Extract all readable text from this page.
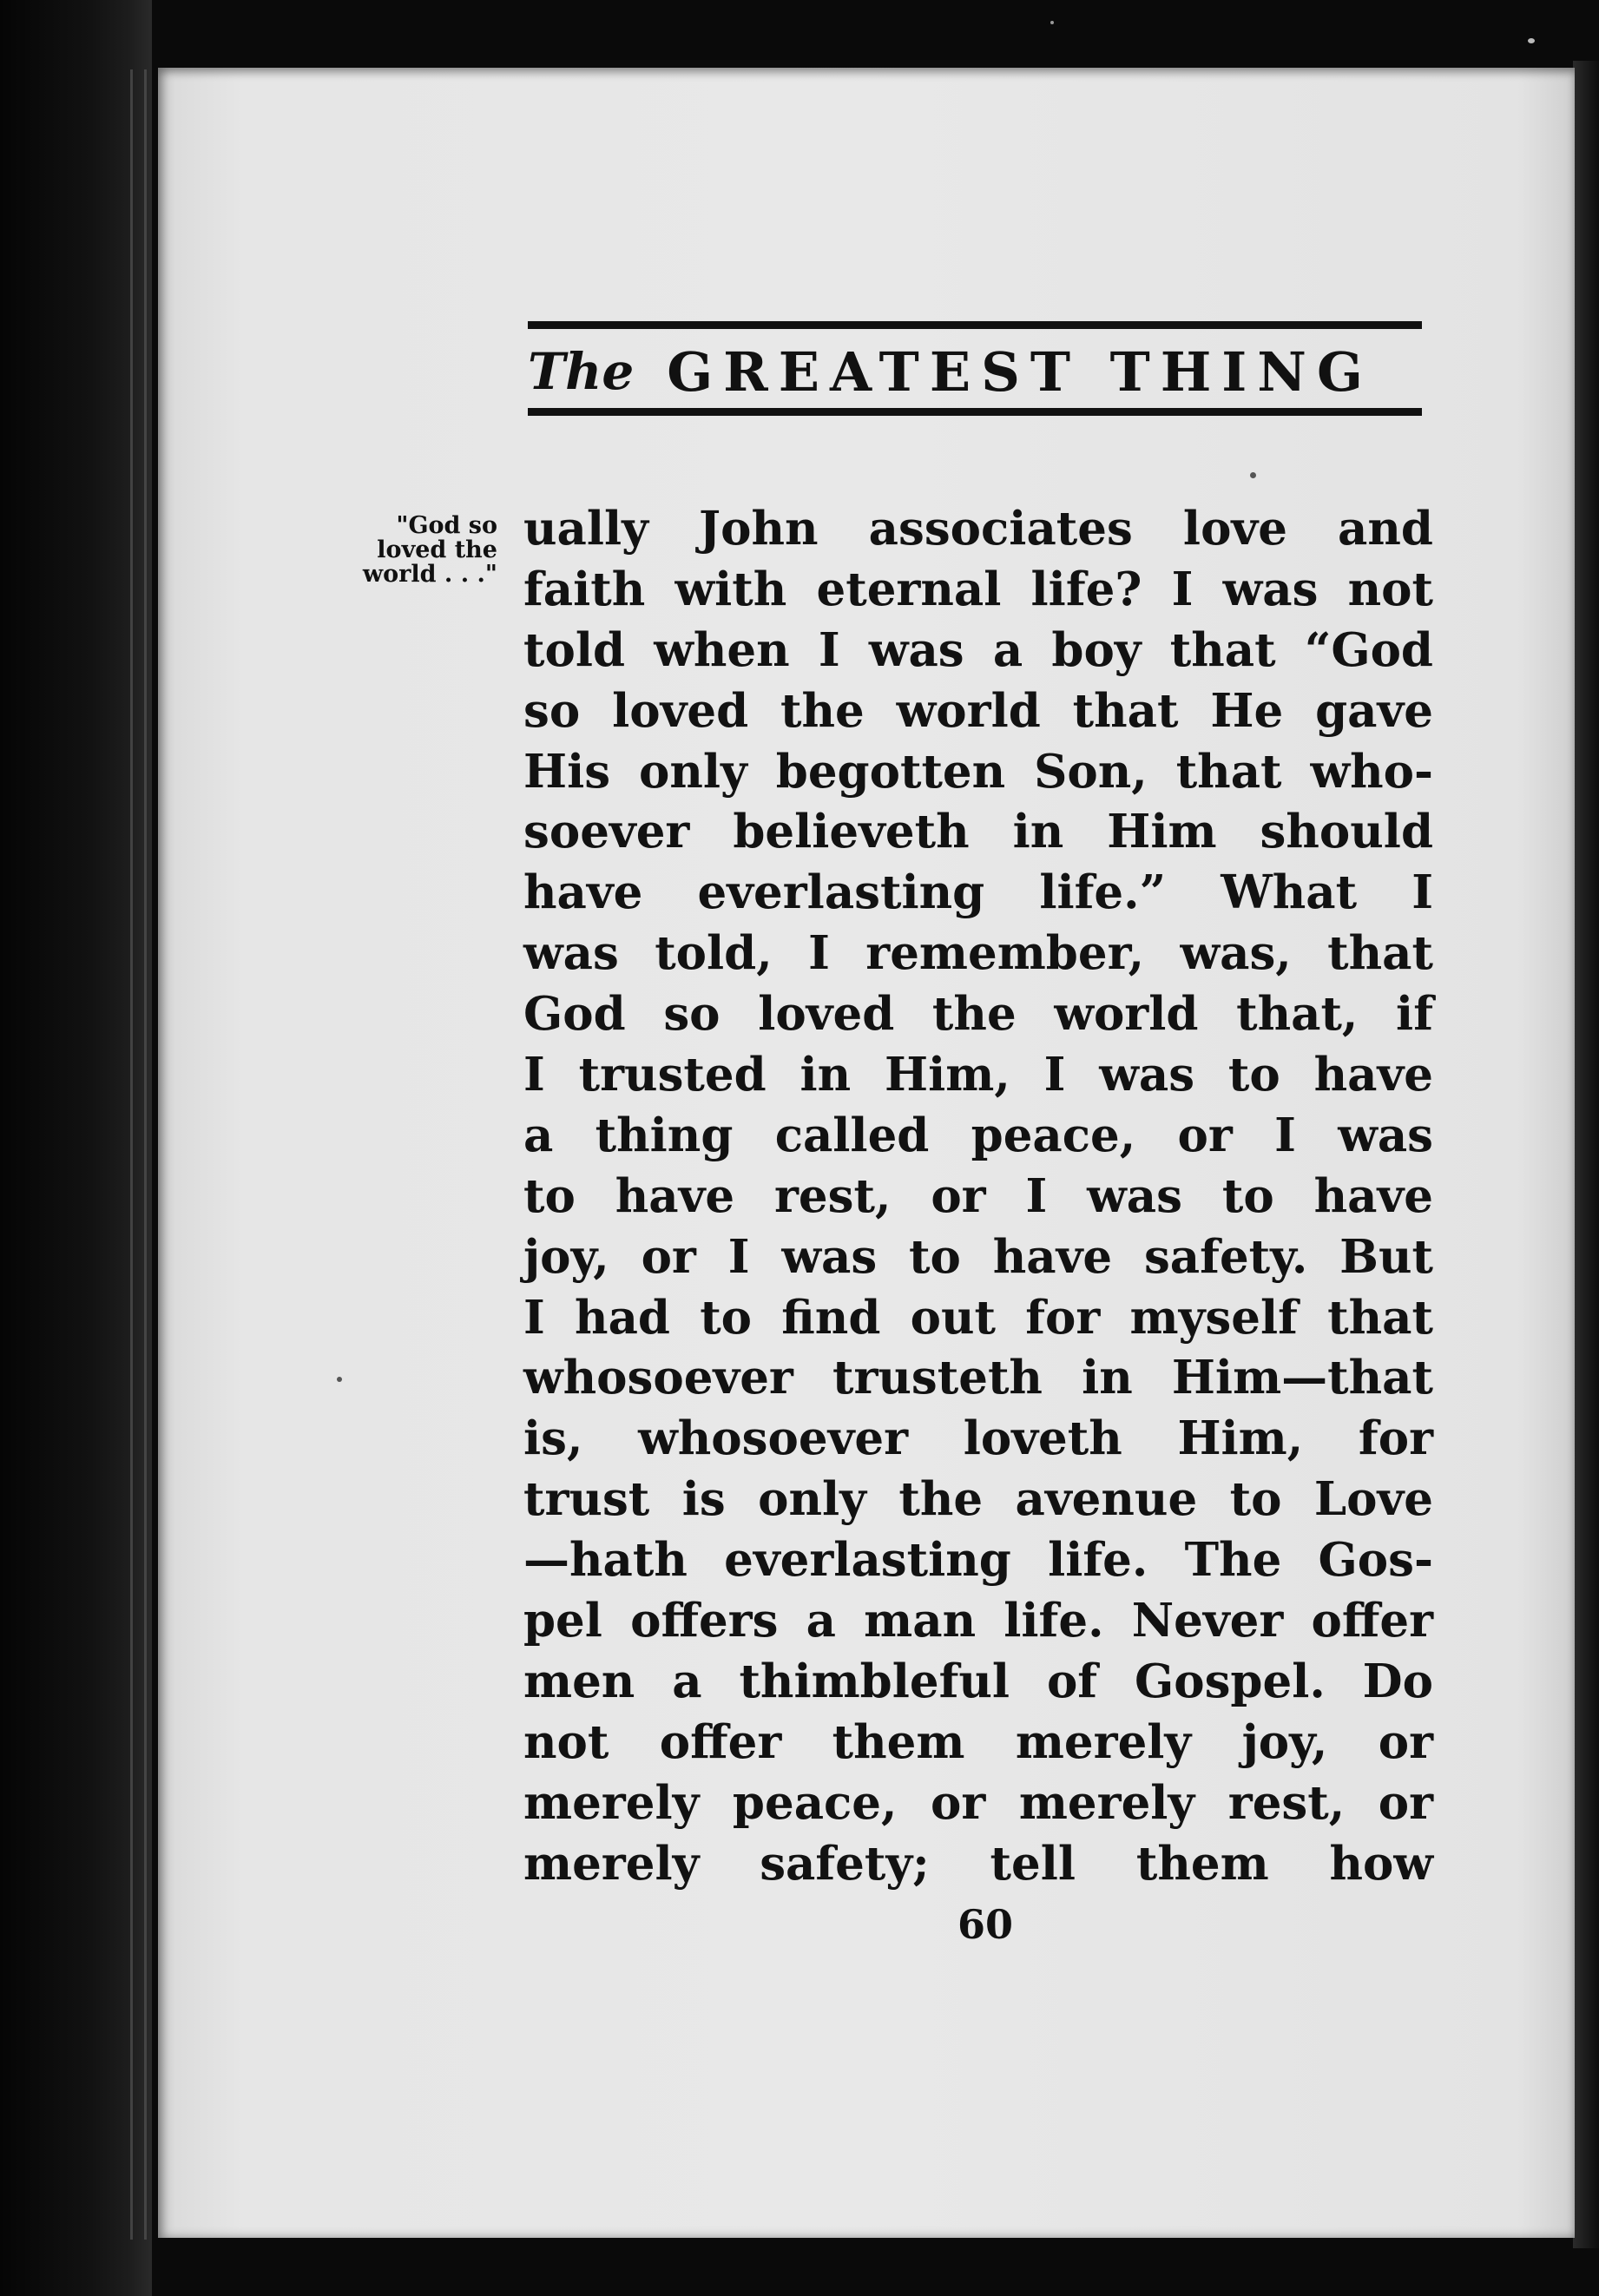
The GREATEST THING
"God so
loved the
world . . ."
ually John associates love and
faith with eternal life? I was not
told when I was a boy that “God
so loved the world that He gave
His only begotten Son, that who-
soever believeth in Him should
have everlasting life.” What I
was told, I remember, was, that
God so loved the world that, if
I trusted in Him, I was to have
a thing called peace, or I was
to have rest, or I was to have
joy, or I was to have safety. But
I had to find out for myself that
whosoever trusteth in Him—that
is, whosoever loveth Him, for
trust is only the avenue to Love
—hath everlasting life. The Gos-
pel offers a man life. Never offer
men a thimbleful of Gospel. Do
not offer them merely joy, or
merely peace, or merely rest, or
merely safety; tell them how
60
